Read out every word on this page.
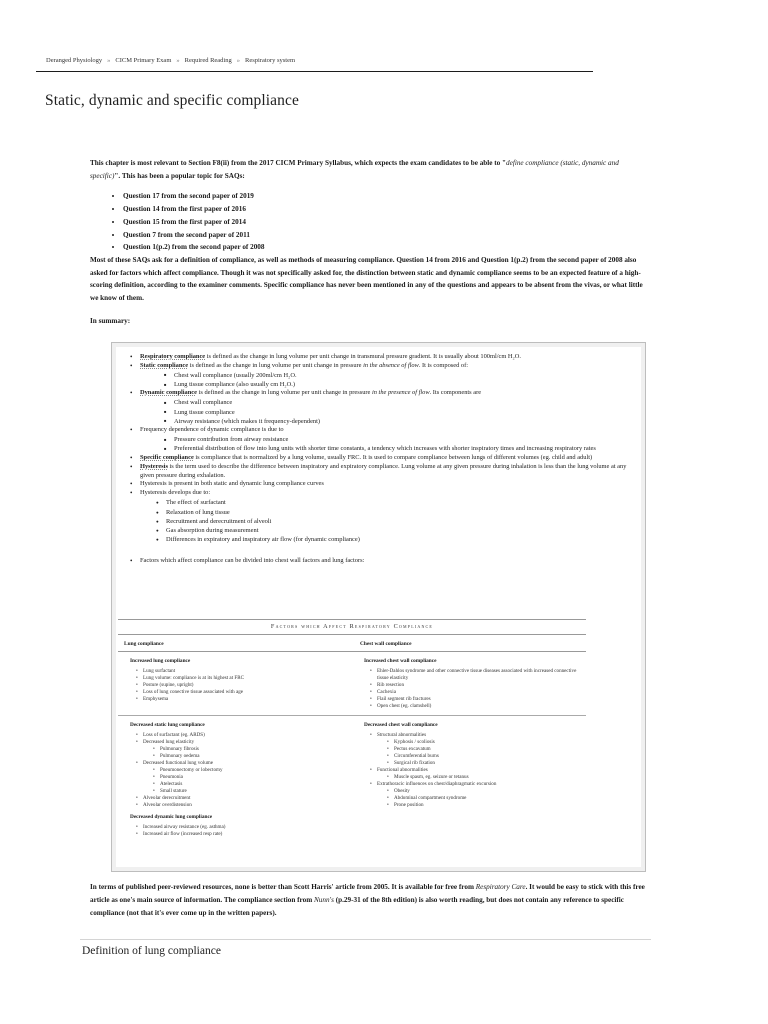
Deranged Physiology » CICM Primary Exam » Required Reading » Respiratory system
Static, dynamic and specific compliance

This chapter is most relevant to Section F8(ii) from the 2017 CICM Primary Syllabus, which expects the exam candidates to be able to "define compliance (static, dynamic and specific)". This has been a popular topic for SAQs:

• Question 17 from the second paper of 2019
• Question 14 from the first paper of 2016
• Question 15 from the first paper of 2014
• Question 7 from the second paper of 2011
• Question 1(p.2) from the second paper of 2008

Most of these SAQs ask for a definition of compliance, as well as methods of measuring compliance. Question 14 from 2016 and Question 1(p.2) from the second paper of 2008 also asked for factors which affect compliance. Though it was not specifically asked for, the distinction between static and dynamic compliance seems to be an expected feature of a high-scoring definition, according to the examiner comments. Specific compliance has never been mentioned in any of the questions and appears to be absent from the vivas, or what little we know of them.

In summary:

• Respiratory compliance is defined as the change in lung volume per unit change in transmural pressure gradient. It is usually about 100ml/cm H₂O.
• Static compliance is defined as the change in lung volume per unit change in pressure in the absence of flow. It is composed of:
■ Chest wall compliance (usually 200ml/cm H₂O.
■ Lung tissue compliance (also usually cm H₂O.)
• Dynamic compliance is defined as the change in lung volume per unit change in pressure in the presence of flow. Its components are
■ Chest wall compliance
■ Lung tissue compliance
■ Airway resistance (which makes it frequency-dependent)
• Frequency dependence of dynamic compliance is due to
■ Pressure contribution from airway resistance
■ Preferential distribution of flow into lung units with shorter time constants, a tendency which increases with shorter inspiratory times and increasing respiratory rates
• Specific compliance is compliance that is normalized by a lung volume, usually FRC. It is used to compare compliance between lungs of different volumes (eg. child and adult)
• Hysteresis is the term used to describe the difference between inspiratory and expiratory compliance. Lung volume at any given pressure during inhalation is less than the lung volume at any given pressure during exhalation.
• Hysteresis is present in both static and dynamic lung compliance curves
• Hysteresis develops due to:
● The effect of surfactant
● Relaxation of lung tissue
● Recruitment and derecruitment of alveoli
● Gas absorption during measurement
● Differences in expiratory and inspiratory air flow (for dynamic compliance)
• Factors which affect compliance can be divided into chest wall factors and lung factors:
Factors which Affect Respiratory Compliance
Lung compliance	Chest wall compliance
Increased lung compliance
• Lung surfactant
• Lung volume: compliance is at its highest at FRC
• Posture (supine, upright)
• Loss of lung conective tissue associated with age
• Emphysema
Increased chest wall compliance
• Ehler-Dahlos syndrome and other connective tissue diseases associated with increased connective tissue elasticity
• Rib resection
• Cachexia
• Flail segment rib fractures
• Open chest (eg. clamshell)
Decreased static lung compliance
• Loss of surfactant (eg. ARDS)
• Decreased lung elasticity
• Pulmonary fibrosis
• Pulmonary oedema
• Decreased functional lung volume
• Pneumonectomy or lobectomy
• Pneumonia
• Atelectasis
• Small stature
• Alveolar derecruitment
• Alveolar overdistension
Decreased dynamic lung compliance
• Increased airway resistance (eg. asthma)
• Increased air flow (increased resp rate)
Decreased chest wall compliance
• Structural abnormalities
• Kyphosis / scoliosis
• Pectus excavatum
• Circumferential burns
• Surgical rib fixation
• Functional abnormalities
• Muscle spasm, eg. seizure or tetanus
• Extrathoracic influences on chest/diaphragmatic excursion
• Obesity
• Abdominal compartment syndrome
• Prone position

In terms of published peer-reviewed resources, none is better than Scott Harris' article from 2005. It is available for free from Respiratory Care. It would be easy to stick with this free article as one's main source of information. The compliance section from Nunn's (p.29-31 of the 8th edition) is also worth reading, but does not contain any reference to specific compliance (not that it's ever come up in the written papers).

Definition of lung compliance
